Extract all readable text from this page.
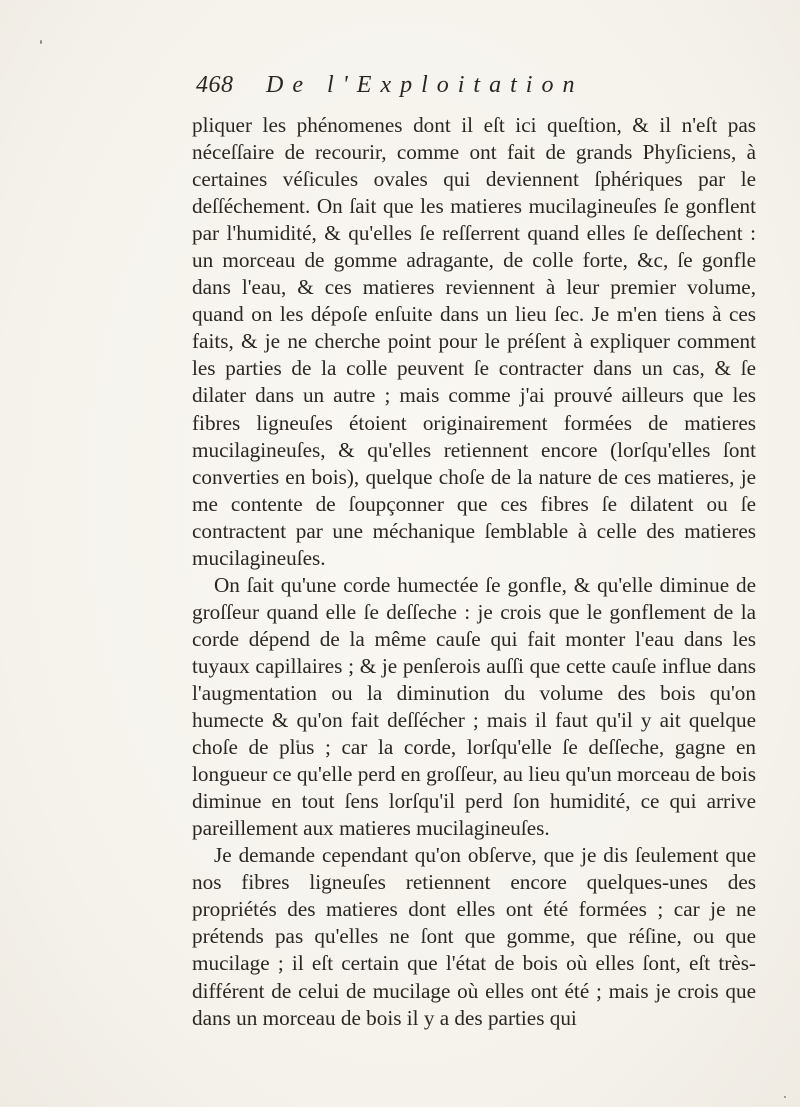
468 De l'Exploitation

pliquer les phénomenes dont il eſt ici queſtion, & il n'eſt pas néceſſaire de recourir, comme ont fait de grands Phyſiciens, à certaines véſicules ovales qui deviennent ſphériques par le deſſéchement. On ſait que les matieres mucilagineuſes ſe gonflent par l'humidité, & qu'elles ſe reſſerrent quand elles ſe deſſechent : un morceau de gomme adragante, de colle forte, &c, ſe gonfle dans l'eau, & ces matieres reviennent à leur premier volume, quand on les dépoſe enſuite dans un lieu ſec. Je m'en tiens à ces faits, & je ne cherche point pour le préſent à expliquer comment les parties de la colle peuvent ſe contracter dans un cas, & ſe dilater dans un autre ; mais comme j'ai prouvé ailleurs que les fibres ligneuſes étoient originairement formées de matieres mucilagineuſes, & qu'elles retiennent encore (lorſqu'elles ſont converties en bois), quelque choſe de la nature de ces matieres, je me contente de ſoupçonner que ces fibres ſe dilatent ou ſe contractent par une méchanique ſemblable à celle des matieres mucilagineuſes.

On ſait qu'une corde humectée ſe gonfle, & qu'elle diminue de groſſeur quand elle ſe deſſeche : je crois que le gonflement de la corde dépend de la même cauſe qui fait monter l'eau dans les tuyaux capillaires ; & je penſerois auſſi que cette cauſe influe dans l'augmentation ou la diminution du volume des bois qu'on humecte & qu'on fait deſſécher ; mais il faut qu'il y ait quelque choſe de plus ; car la corde, lorſqu'elle ſe deſſeche, gagne en longueur ce qu'elle perd en groſſeur, au lieu qu'un morceau de bois diminue en tout ſens lorſqu'il perd ſon humidité, ce qui arrive pareillement aux matieres mucilagineuſes.

Je demande cependant qu'on obſerve, que je dis ſeulement que nos fibres ligneuſes retiennent encore quelques-unes des propriétés des matieres dont elles ont été formées ; car je ne prétends pas qu'elles ne ſont que gomme, que réſine, ou que mucilage ; il eſt certain que l'état de bois où elles ſont, eſt très-différent de celui de mucilage où elles ont été ; mais je crois que dans un morceau de bois il y a des parties qui
